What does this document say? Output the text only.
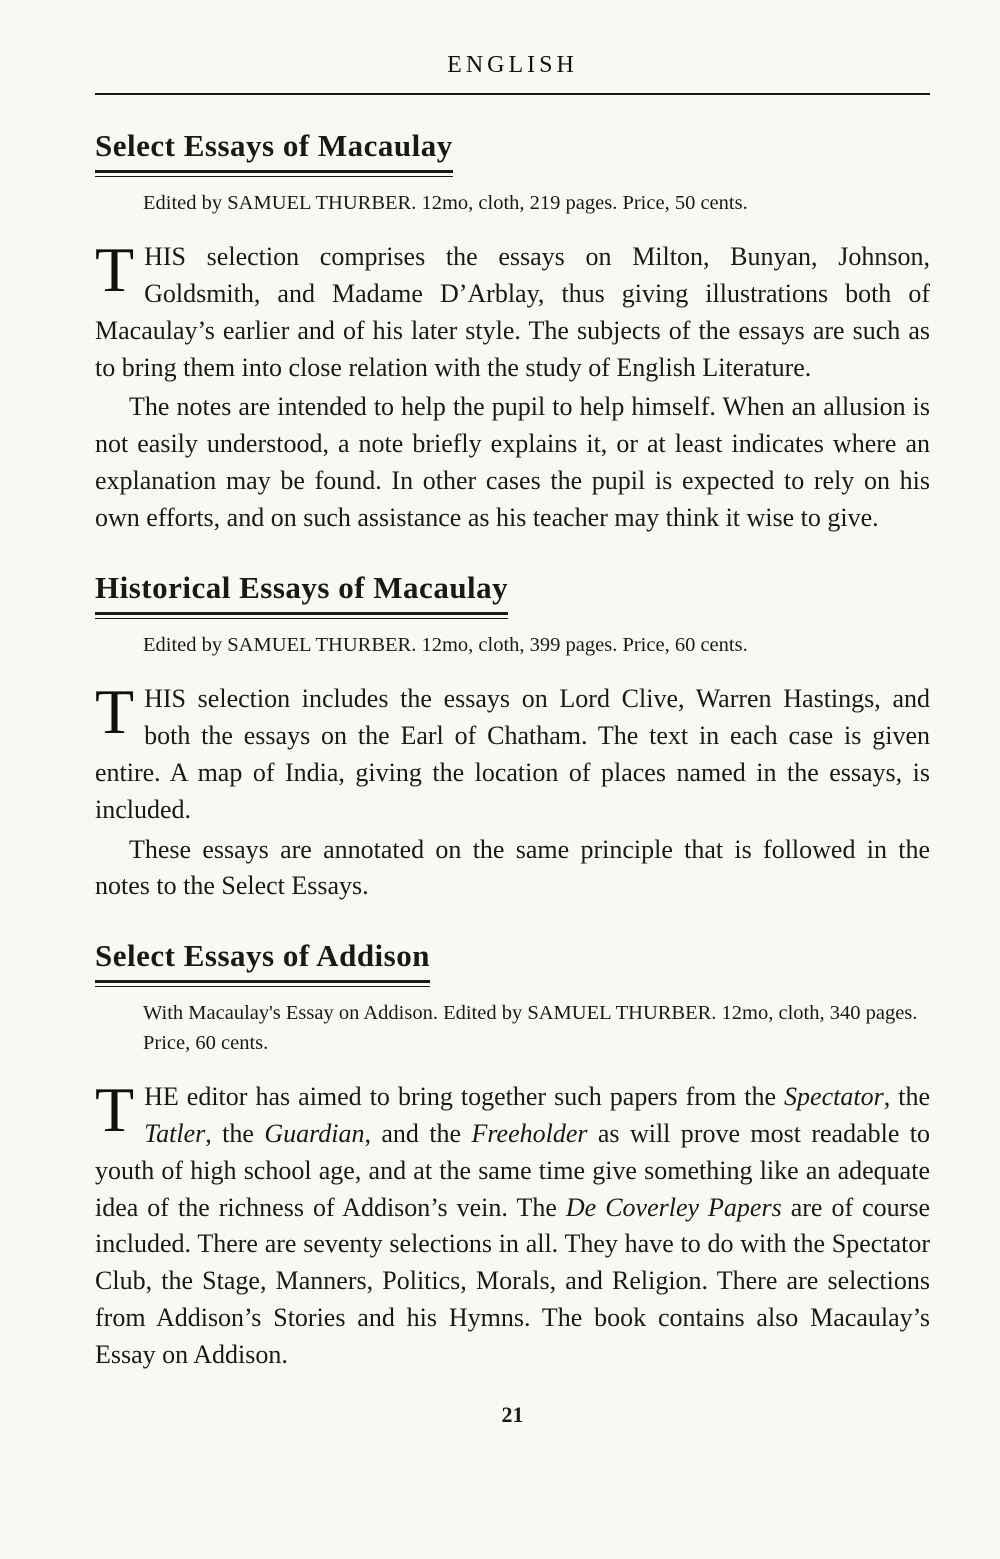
ENGLISH
Select Essays of Macaulay

Edited by SAMUEL THURBER. 12mo, cloth, 219 pages. Price, 50 cents.

THIS selection comprises the essays on Milton, Bunyan, Johnson, Goldsmith, and Madame D’Arblay, thus giving illustrations both of Macaulay’s earlier and of his later style. The subjects of the essays are such as to bring them into close relation with the study of English Literature.

The notes are intended to help the pupil to help himself. When an allusion is not easily understood, a note briefly explains it, or at least indicates where an explanation may be found. In other cases the pupil is expected to rely on his own efforts, and on such assistance as his teacher may think it wise to give.

Historical Essays of Macaulay

Edited by SAMUEL THURBER. 12mo, cloth, 399 pages. Price, 60 cents.

THIS selection includes the essays on Lord Clive, Warren Hastings, and both the essays on the Earl of Chatham. The text in each case is given entire. A map of India, giving the location of places named in the essays, is included.

These essays are annotated on the same principle that is followed in the notes to the Select Essays.

Select Essays of Addison

With Macaulay's Essay on Addison. Edited by SAMUEL THURBER. 12mo, cloth, 340 pages. Price, 60 cents.

THE editor has aimed to bring together such papers from the Spectator, the Tatler, the Guardian, and the Freeholder as will prove most readable to youth of high school age, and at the same time give something like an adequate idea of the richness of Addison’s vein. The De Coverley Papers are of course included. There are seventy selections in all. They have to do with the Spectator Club, the Stage, Manners, Politics, Morals, and Religion. There are selections from Addison’s Stories and his Hymns. The book contains also Macaulay’s Essay on Addison.

21
